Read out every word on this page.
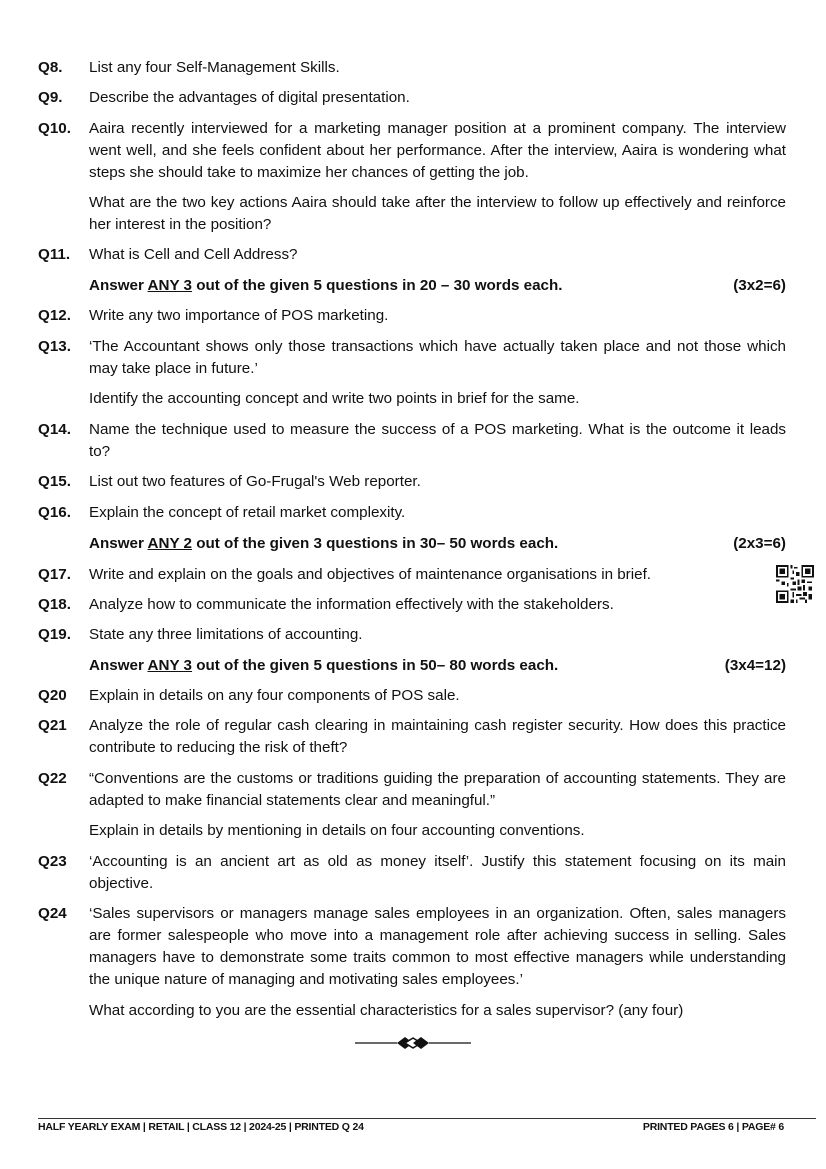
Q8.	List any four Self-Management Skills.
Q9.	Describe the advantages of digital presentation.
Q10.	Aaira recently interviewed for a marketing manager position at a prominent company. The interview went well, and she feels confident about her performance. After the interview, Aaira is wondering what steps she should take to maximize her chances of getting the job.
What are the two key actions Aaira should take after the interview to follow up effectively and reinforce her interest in the position?
Q11.	What is Cell and Cell Address?
Answer ANY 3 out of the given 5 questions in 20 – 30 words each.	(3x2=6)
Q12.	Write any two importance of POS marketing.
Q13.	‘The Accountant shows only those transactions which have actually taken place and not those which may take place in future.’
Identify the accounting concept and write two points in brief for the same.
Q14.	Name the technique used to measure the success of a POS marketing. What is the outcome it leads to?
Q15.	List out two features of Go-Frugal's Web reporter.
Q16.	Explain the concept of retail market complexity.
Answer ANY 2 out of the given 3 questions in 30– 50 words each.	(2x3=6)
Q17.	Write and explain on the goals and objectives of maintenance organisations in brief.
Q18.	Analyze how to communicate the information effectively with the stakeholders.
Q19.	State any three limitations of accounting.
Answer ANY 3 out of the given 5 questions in 50– 80 words each.	(3x4=12)
Q20	Explain in details on any four components of POS sale.
Q21	Analyze the role of regular cash clearing in maintaining cash register security. How does this practice contribute to reducing the risk of theft?
Q22	“Conventions are the customs or traditions guiding the preparation of accounting statements. They are adapted to make financial statements clear and meaningful.”
Explain in details by mentioning in details on four accounting conventions.
Q23	‘Accounting is an ancient art as old as money itself’. Justify this statement focusing on its main objective.
Q24	‘Sales supervisors or managers manage sales employees in an organization. Often, sales managers are former salespeople who move into a management role after achieving success in selling. Sales managers have to demonstrate some traits common to most effective managers while understanding the unique nature of managing and motivating sales employees.’
What according to you are the essential characteristics for a sales supervisor? (any four)
HALF YEARLY EXAM | RETAIL | CLASS 12 | 2024-25 | PRINTED Q 24	PRINTED PAGES 6 | PAGE# 6
